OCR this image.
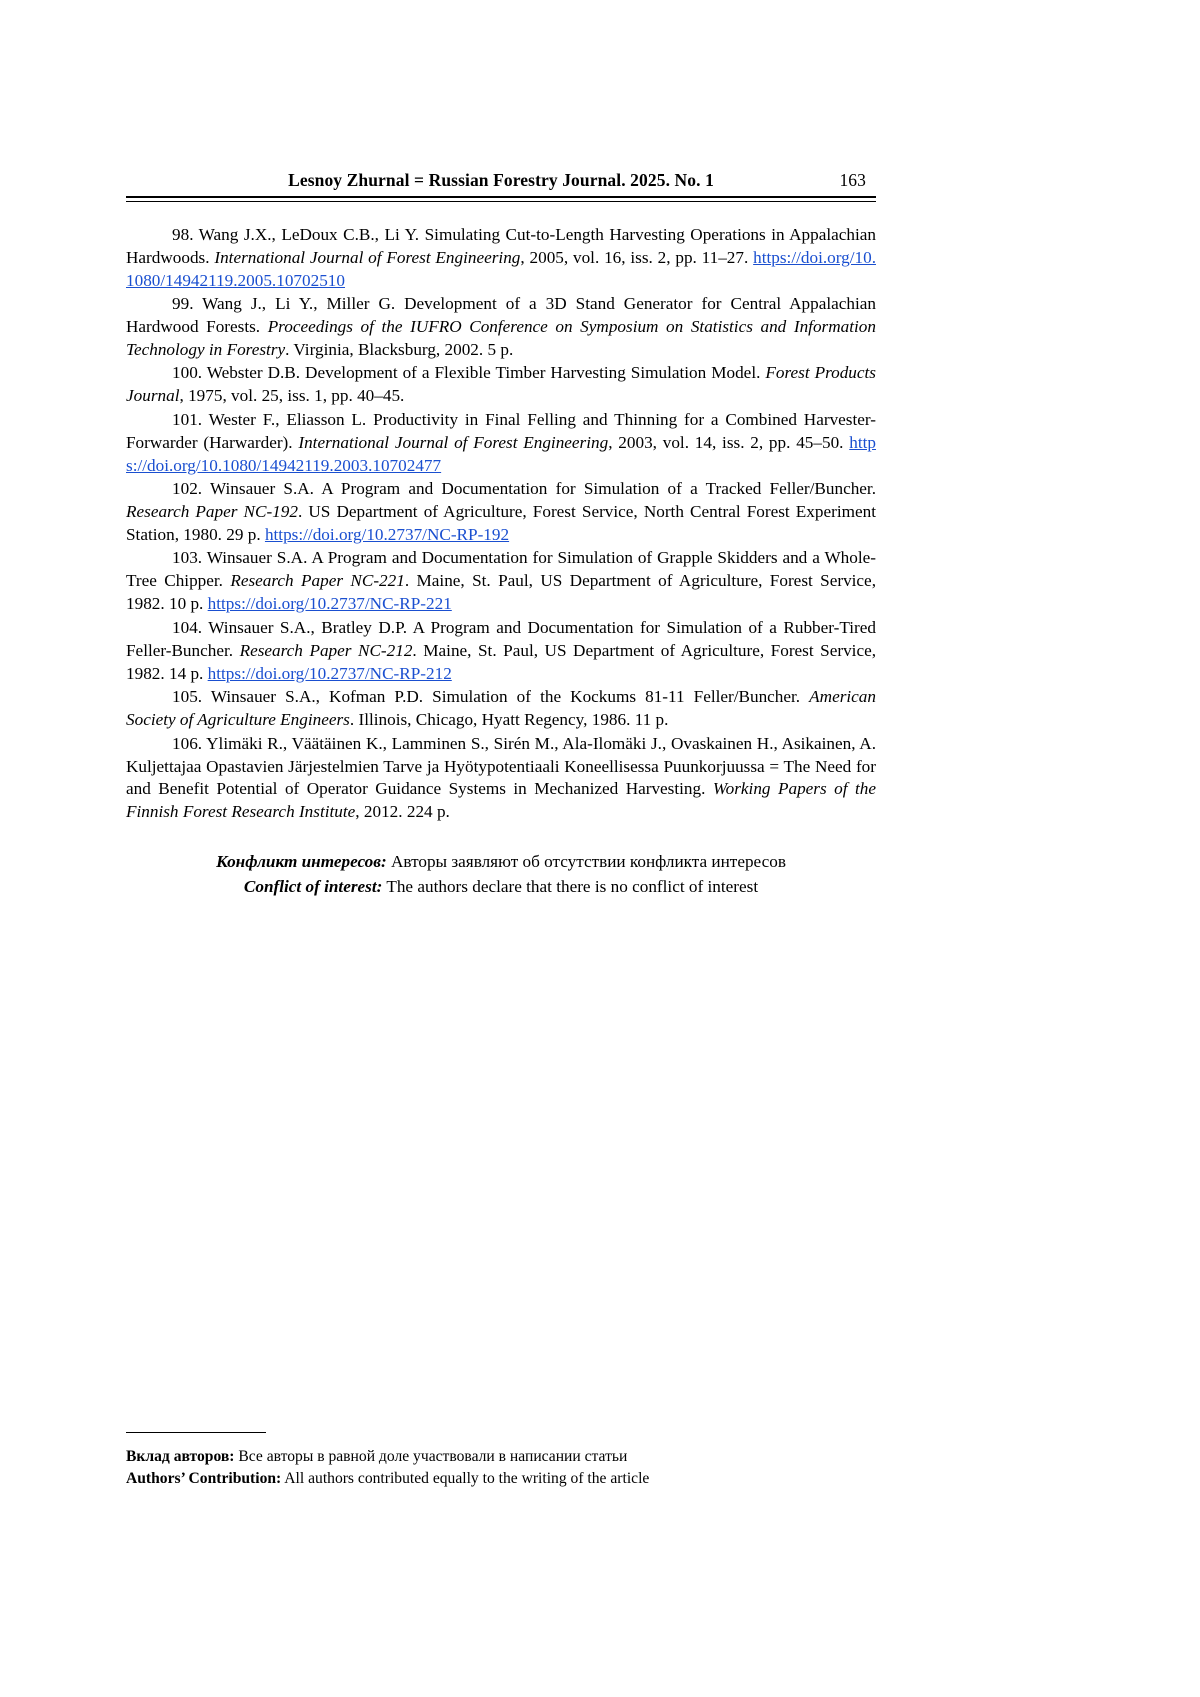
Lesnoy Zhurnal = Russian Forestry Journal. 2025. No. 1	163

98. Wang J.X., LeDoux C.B., Li Y. Simulating Cut-to-Length Harvesting Operations in Appalachian Hardwoods. International Journal of Forest Engineering, 2005, vol. 16, iss. 2, pp. 11–27. https://doi.org/10.1080/14942119.2005.10702510

99. Wang J., Li Y., Miller G. Development of a 3D Stand Generator for Central Appalachian Hardwood Forests. Proceedings of the IUFRO Conference on Symposium on Statistics and Information Technology in Forestry. Virginia, Blacksburg, 2002. 5 p.

100. Webster D.B. Development of a Flexible Timber Harvesting Simulation Model. Forest Products Journal, 1975, vol. 25, iss. 1, pp. 40–45.

101. Wester F., Eliasson L. Productivity in Final Felling and Thinning for a Combined Harvester-Forwarder (Harwarder). International Journal of Forest Engineering, 2003, vol. 14, iss. 2, pp. 45–50. https://doi.org/10.1080/14942119.2003.10702477

102. Winsauer S.A. A Program and Documentation for Simulation of a Tracked Feller/Buncher. Research Paper NC-192. US Department of Agriculture, Forest Service, North Central Forest Experiment Station, 1980. 29 p. https://doi.org/10.2737/NC-RP-192

103. Winsauer S.A. A Program and Documentation for Simulation of Grapple Skidders and a Whole-Tree Chipper. Research Paper NC-221. Maine, St. Paul, US Department of Agriculture, Forest Service, 1982. 10 p. https://doi.org/10.2737/NC-RP-221

104. Winsauer S.A., Bratley D.P. A Program and Documentation for Simulation of a Rubber-Tired Feller-Buncher. Research Paper NC-212. Maine, St. Paul, US Department of Agriculture, Forest Service, 1982. 14 p. https://doi.org/10.2737/NC-RP-212

105. Winsauer S.A., Kofman P.D. Simulation of the Kockums 81-11 Feller/Buncher. American Society of Agriculture Engineers. Illinois, Chicago, Hyatt Regency, 1986. 11 p.

106. Ylimäki R., Väätäinen K., Lamminen S., Sirén M., Ala-Ilomäki J., Ovaskainen H., Asikainen, A. Kuljettajaa Opastavien Järjestelmien Tarve ja Hyötypotentiaali Koneellisessa Puunkorjuussa = The Need for and Benefit Potential of Operator Guidance Systems in Mechanized Harvesting. Working Papers of the Finnish Forest Research Institute, 2012. 224 p.

Конфликт интересов: Авторы заявляют об отсутствии конфликта интересов
Conflict of interest: The authors declare that there is no conflict of interest
Вклад авторов: Все авторы в равной доле участвовали в написании статьи
Authors’ Contribution: All authors contributed equally to the writing of the article
